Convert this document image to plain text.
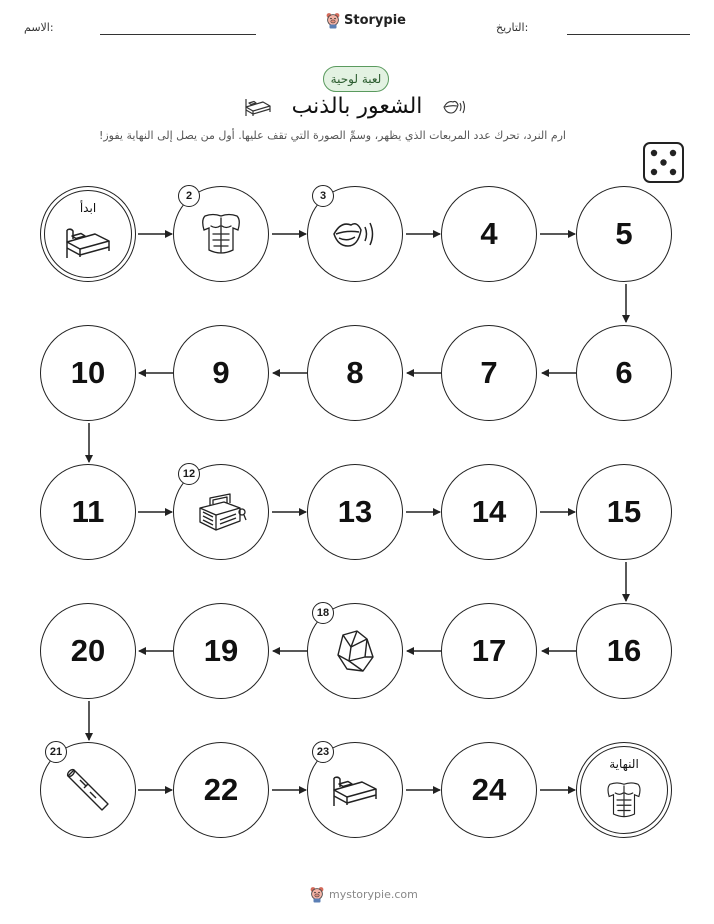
الاسم:	Storypie	التاريخ:
لعبة لوحية
الشعور بالذنب
ارم النرد، تحرك عدد المربعات الذي يظهر، وسمِّ الصورة التي تقف عليها. أول من يصل إلى النهاية يفوز!
ابدأ
2	3
4	5
6
7
8
9
10
11
12
13	14	15
16
17
18
19
20
21
22
23
24
النهاية
mystorypie.com
